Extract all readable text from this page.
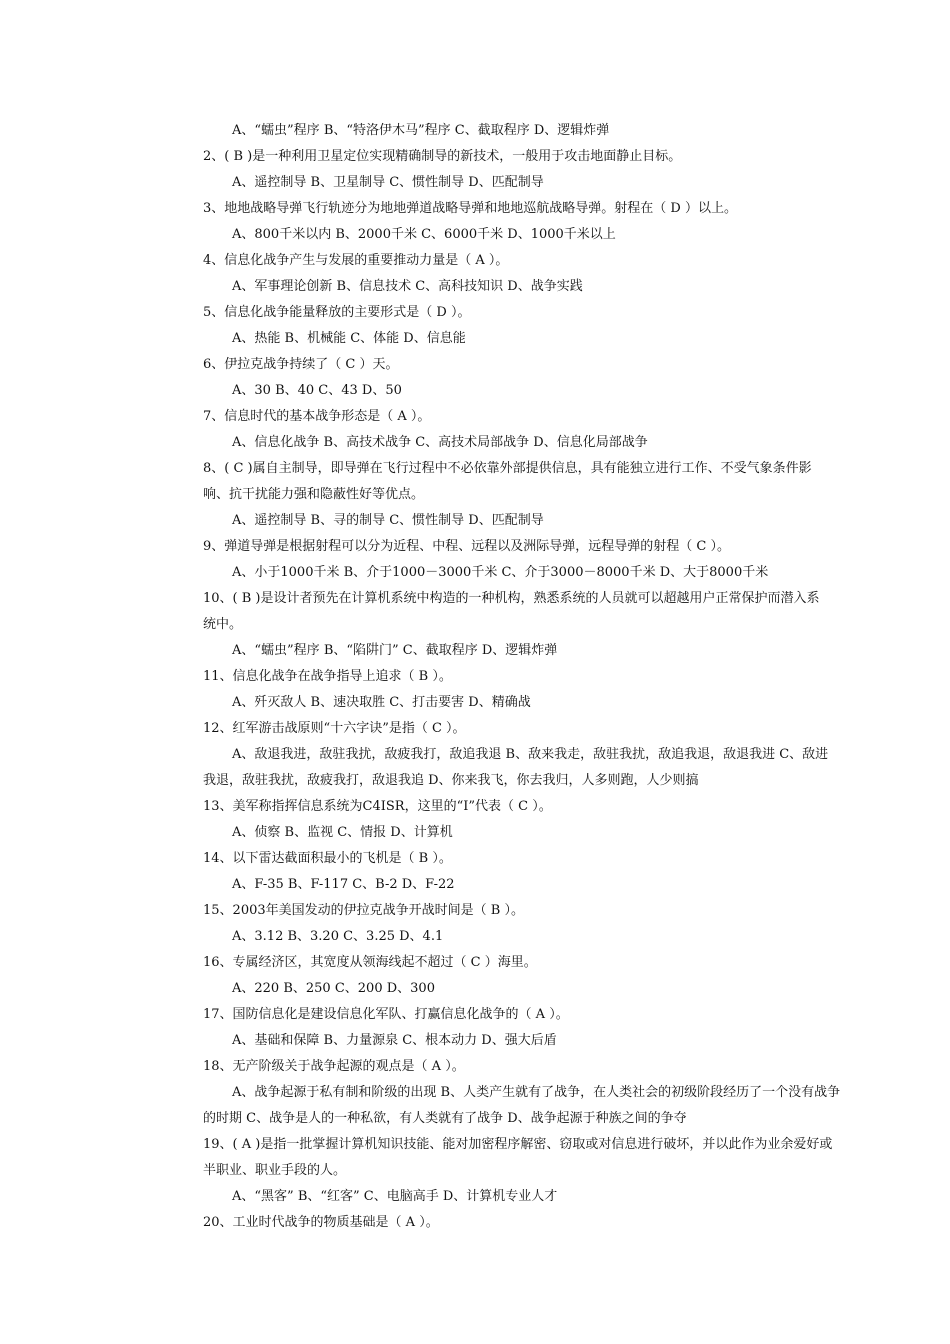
A、“蠕虫”程序 B、“特洛伊木马”程序 C、截取程序 D、逻辑炸弹
2、( B )是一种利用卫星定位实现精确制导的新技术，一般用于攻击地面静止目标。
A、遥控制导 B、卫星制导 C、惯性制导 D、匹配制导
3、地地战略导弹飞行轨迹分为地地弹道战略导弹和地地巡航战略导弹。射程在（ D ）以上。
A、800千米以内 B、2000千米 C、6000千米 D、1000千米以上
4、信息化战争产生与发展的重要推动力量是（ A ）。
A、军事理论创新 B、信息技术 C、高科技知识 D、战争实践
5、信息化战争能量释放的主要形式是（ D ）。
A、热能 B、机械能 C、体能 D、信息能
6、伊拉克战争持续了（ C ）天。
A、30 B、40 C、43 D、50
7、信息时代的基本战争形态是（ A ）。
A、信息化战争 B、高技术战争 C、高技术局部战争 D、信息化局部战争
8、( C )属自主制导，即导弹在飞行过程中不必依靠外部提供信息，具有能独立进行工作、不受气象条件影
响、抗干扰能力强和隐蔽性好等优点。
A、遥控制导 B、寻的制导 C、惯性制导 D、匹配制导
9、弹道导弹是根据射程可以分为近程、中程、远程以及洲际导弹，远程导弹的射程（ C ）。
A、小于1000千米 B、介于1000－3000千米 C、介于3000－8000千米 D、大于8000千米
10、( B )是设计者预先在计算机系统中构造的一种机构，熟悉系统的人员就可以超越用户正常保护而潜入系
统中。
A、“蠕虫”程序 B、“陷阱门” C、截取程序 D、逻辑炸弹
11、信息化战争在战争指导上追求（ B ）。
A、歼灭敌人 B、速决取胜 C、打击要害 D、精确战
12、红军游击战原则“十六字诀”是指（ C ）。
A、敌退我进，敌驻我扰，敌疲我打，敌追我退 B、敌来我走，敌驻我扰，敌追我退，敌退我进 C、敌进
我退，敌驻我扰，敌疲我打，敌退我追 D、你来我飞，你去我归，人多则跑，人少则搞
13、美军称指挥信息系统为C4ISR，这里的“I”代表（ C ）。
A、侦察 B、监视 C、情报 D、计算机
14、以下雷达截面积最小的飞机是（ B ）。
A、F-35 B、F-117 C、B-2 D、F-22
15、2003年美国发动的伊拉克战争开战时间是（ B ）。
A、3.12 B、3.20 C、3.25 D、4.1
16、专属经济区，其宽度从领海线起不超过（ C ）海里。
A、220 B、250 C、200 D、300
17、国防信息化是建设信息化军队、打赢信息化战争的（ A ）。
A、基础和保障 B、力量源泉 C、根本动力 D、强大后盾
18、无产阶级关于战争起源的观点是（ A ）。
A、战争起源于私有制和阶级的出现 B、人类产生就有了战争，在人类社会的初级阶段经历了一个没有战争
的时期 C、战争是人的一种私欲，有人类就有了战争 D、战争起源于种族之间的争夺
19、( A )是指一批掌握计算机知识技能、能对加密程序解密、窃取或对信息进行破坏，并以此作为业余爱好或
半职业、职业手段的人。
A、“黑客” B、“红客” C、电脑高手 D、计算机专业人才
20、工业时代战争的物质基础是（ A ）。
